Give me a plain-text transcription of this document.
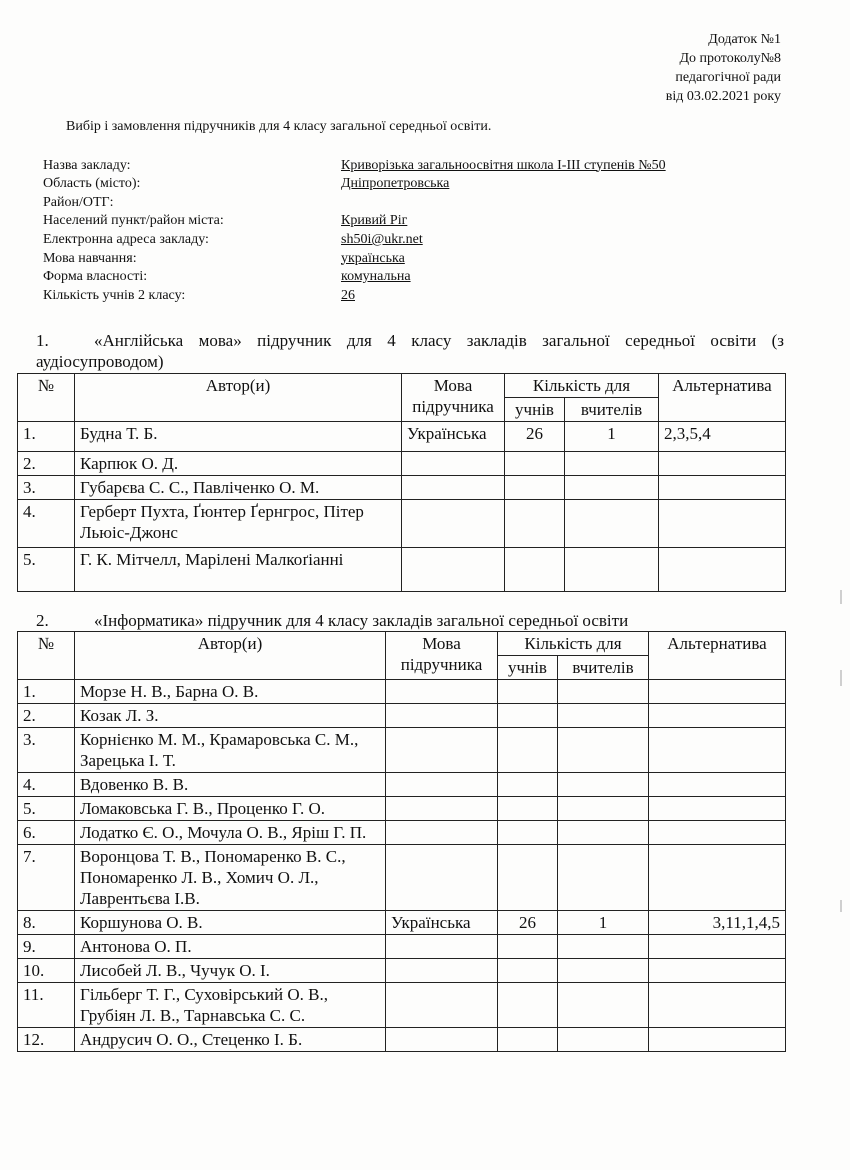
Додаток №1
До протоколу№8
педагогічної ради
від 03.02.2021 року
Вибір і замовлення підручників для 4 класу загальної середньої освіти.
Назва закладу:	Криворізька загальноосвітня школа І-ІІІ ступенів №50
Область (місто):	Дніпропетровська
Район/ОТГ:	
Населений пункт/район міста:	Кривий Ріг
Електронна адреса закладу:	sh50i@ukr.net
Мова навчання:	українська
Форма власності:	комунальна
Кількість учнів 2 класу:	26
1.	«Англійська мова» підручник для 4 класу закладів загальної середньої освіти (з аудіосупроводом)
№	Автор(и)	Мова підручника	Кількість для		Альтернатива
			учнів	вчителів	
1.	Будна Т. Б.	Українська	26	1	2,3,5,4
2.	Карпюк О. Д.				
3.	Губарєва С. С., Павліченко О. М.				
4.	Герберт Пухта, Ґюнтер Ґернгрос, Пітер Льюіс-Джонс				
5.	Г. К. Мітчелл, Марілені Малкоґіанні				
2.	«Інформатика» підручник для 4 класу закладів загальної середньої освіти
№	Автор(и)	Мова підручника	Кількість для		Альтернатива
			учнів	вчителів	
1.	Морзе Н. В., Барна О. В.				
2.	Козак Л. З.				
3.	Корнієнко М. М., Крамаровська С. М., Зарецька І. Т.				
4.	Вдовенко В. В.				
5.	Ломаковська Г. В., Проценко Г. О.				
6.	Лодатко Є. О., Мочула О. В., Яріш Г. П.				
7.	Воронцова Т. В., Пономаренко В. С., Пономаренко Л. В., Хомич О. Л., Лаврентьєва І.В.				
8.	Коршунова О. В.	Українська	26	1	3,11,1,4,5
9.	Антонова О. П.				
10.	Лисобей Л. В., Чучук О. І.				
11.	Гільберг Т. Г., Суховірський О. В., Грубіян Л. В., Тарнавська С. С.				
12.	Андрусич О. О., Стеценко І. Б.				
